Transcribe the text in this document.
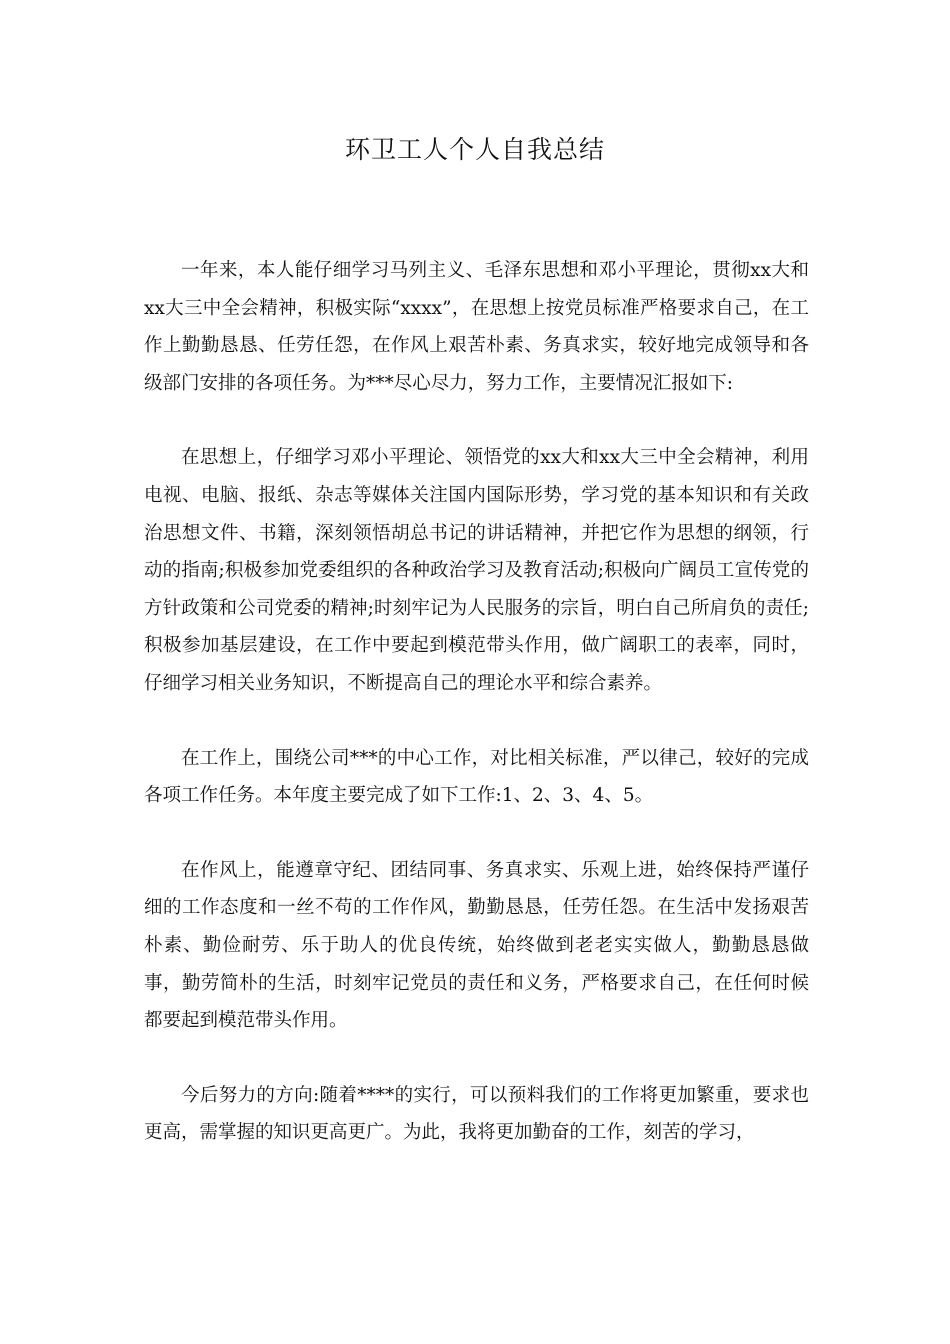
环卫工人个人自我总结

一年来，本人能仔细学习马列主义、毛泽东思想和邓小平理论，贯彻xx大和xx大三中全会精神，积极实际“xxxx”，在思想上按党员标准严格要求自己，在工作上勤勤恳恳、任劳任怨，在作风上艰苦朴素、务真求实，较好地完成领导和各级部门安排的各项任务。为***尽心尽力，努力工作，主要情况汇报如下:

在思想上，仔细学习邓小平理论、领悟党的xx大和xx大三中全会精神，利用电视、电脑、报纸、杂志等媒体关注国内国际形势，学习党的基本知识和有关政治思想文件、书籍，深刻领悟胡总书记的讲话精神，并把它作为思想的纲领，行动的指南;积极参加党委组织的各种政治学习及教育活动;积极向广阔员工宣传党的方针政策和公司党委的精神;时刻牢记为人民服务的宗旨，明白自己所肩负的责任;积极参加基层建设，在工作中要起到模范带头作用，做广阔职工的表率，同时，仔细学习相关业务知识，不断提高自己的理论水平和综合素养。

在工作上，围绕公司***的中心工作，对比相关标准，严以律己，较好的完成各项工作任务。本年度主要完成了如下工作:1、2、3、4、5。

在作风上，能遵章守纪、团结同事、务真求实、乐观上进，始终保持严谨仔细的工作态度和一丝不苟的工作作风，勤勤恳恳，任劳任怨。在生活中发扬艰苦朴素、勤俭耐劳、乐于助人的优良传统，始终做到老老实实做人，勤勤恳恳做事，勤劳简朴的生活，时刻牢记党员的责任和义务，严格要求自己，在任何时候都要起到模范带头作用。

今后努力的方向:随着****的实行，可以预料我们的工作将更加繁重，要求也更高，需掌握的知识更高更广。为此，我将更加勤奋的工作，刻苦的学习，
